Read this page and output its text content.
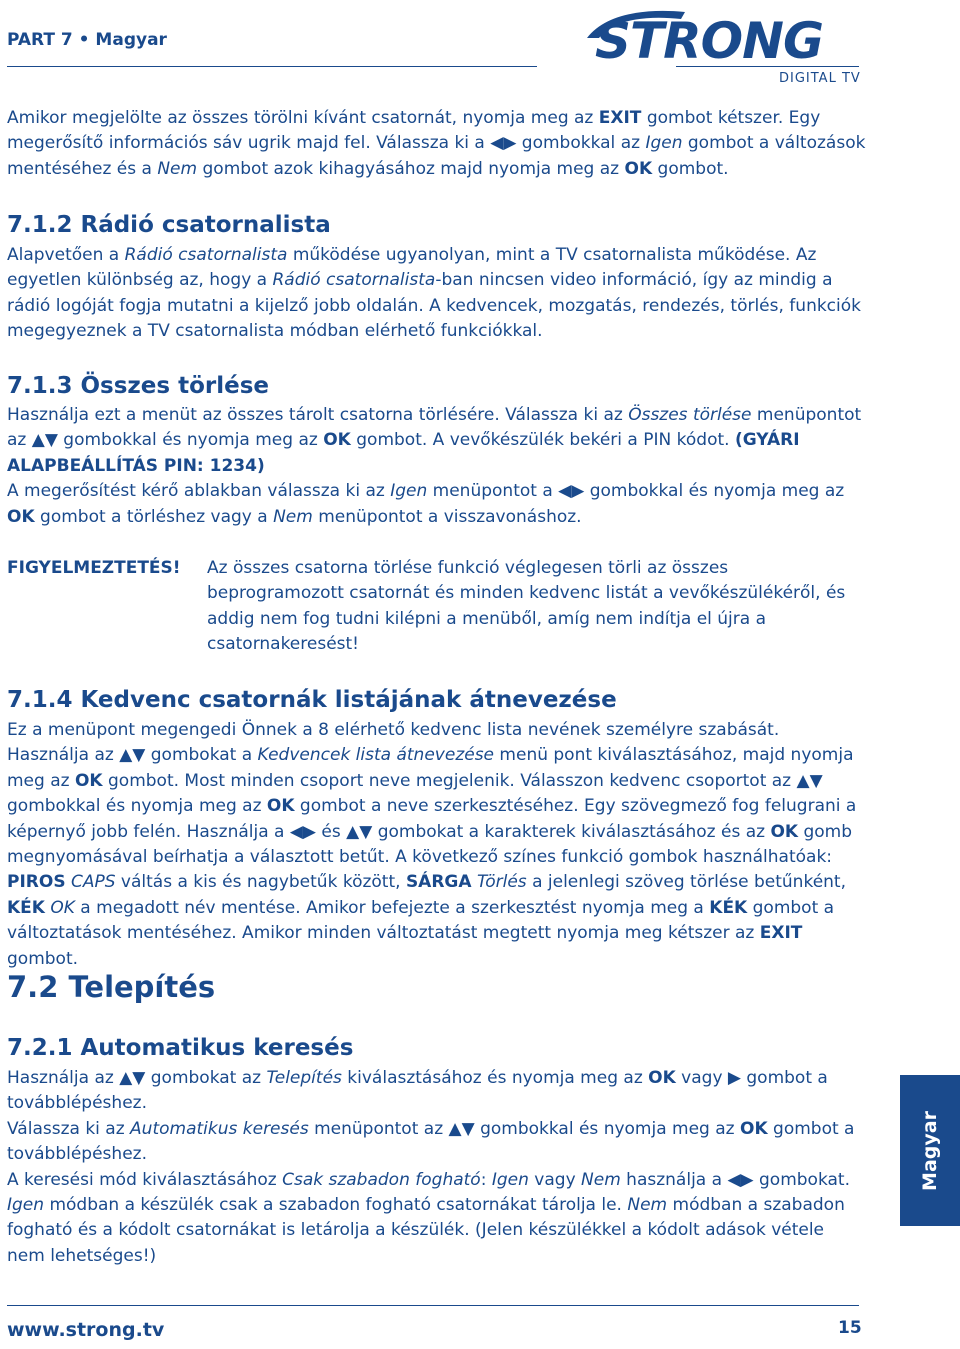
PART 7 • Magyar	STRONG
DIGITAL TV
Amikor megjelölte az összes törölni kívánt csatornát, nyomja meg az EXIT gombot kétszer. Egy megerősítő információs sáv ugrik majd fel. Válassza ki a ◀▶ gombokkal az Igen gombot a változások mentéséhez és a Nem gombot azok kihagyásához majd nyomja meg az OK gombot.
7.1.2 Rádió csatornalista
Alapvetően a Rádió csatornalista működése ugyanolyan, mint a TV csatornalista működése. Az egyetlen különbség az, hogy a Rádió csatornalista-ban nincsen video információ, így az mindig a rádió logóját fogja mutatni a kijelző jobb oldalán. A kedvencek, mozgatás, rendezés, törlés, funkciók megegyeznek a TV csatornalista módban elérhető funkciókkal.
7.1.3 Összes törlése
Használja ezt a menüt az összes tárolt csatorna törlésére. Válassza ki az Összes törlése menüpontot az ▲▼ gombokkal és nyomja meg az OK gombot. A vevőkészülék bekéri a PIN kódot. (GYÁRI ALAPBEÁLLÍTÁS PIN: 1234)
A megerősítést kérő ablakban válassza ki az Igen menüpontot a ◀▶ gombokkal és nyomja meg az OK gombot a törléshez vagy a Nem menüpontot a visszavonáshoz.
FIGYELMEZTETÉS! Az összes csatorna törlése funkció véglegesen törli az összes beprogramozott csatornát és minden kedvenc listát a vevőkészülékéről, és addig nem fog tudni kilépni a menüből, amíg nem indítja el újra a csatornakeresést!
7.1.4 Kedvenc csatornák listájának átnevezése
Ez a menüpont megengedi Önnek a 8 elérhető kedvenc lista nevének személyre szabását.
Használja az ▲▼ gombokat a Kedvencek lista átnevezése menü pont kiválasztásához, majd nyomja meg az OK gombot. Most minden csoport neve megjelenik. Válasszon kedvenc csoportot az ▲▼ gombokkal és nyomja meg az OK gombot a neve szerkesztéséhez. Egy szövegmező fog felugrani a képernyő jobb felén. Használja a ◀▶ és ▲▼ gombokat a karakterek kiválasztásához és az OK gomb megnyomásával beírhatja a választott betűt. A következő színes funkció gombok használhatóak:
PIROS CAPS váltás a kis és nagybetűk között, SÁRGA Törlés a jelenlegi szöveg törlése betűnként,
KÉK OK a megadott név mentése. Amikor befejezte a szerkesztést nyomja meg a KÉK gombot a változtatások mentéséhez. Amikor minden változtatást megtett nyomja meg kétszer az EXIT gombot.
7.2 Telepítés
7.2.1 Automatikus keresés
Használja az ▲▼ gombokat az Telepítés kiválasztásához és nyomja meg az OK vagy ▶ gombot a továbblépéshez.
Válassza ki az Automatikus keresés menüpontot az ▲▼ gombokkal és nyomja meg az OK gombot a továbblépéshez.
A keresési mód kiválasztásához Csak szabadon fogható: Igen vagy Nem használja a ◀▶ gombokat.
Igen módban a készülék csak a szabadon fogható csatornákat tárolja le. Nem módban a szabadon fogható és a kódolt csatornákat is letárolja a készülék. (Jelen készülékkel a kódolt adások vétele nem lehetséges!)
Magyar
www.strong.tv	15
